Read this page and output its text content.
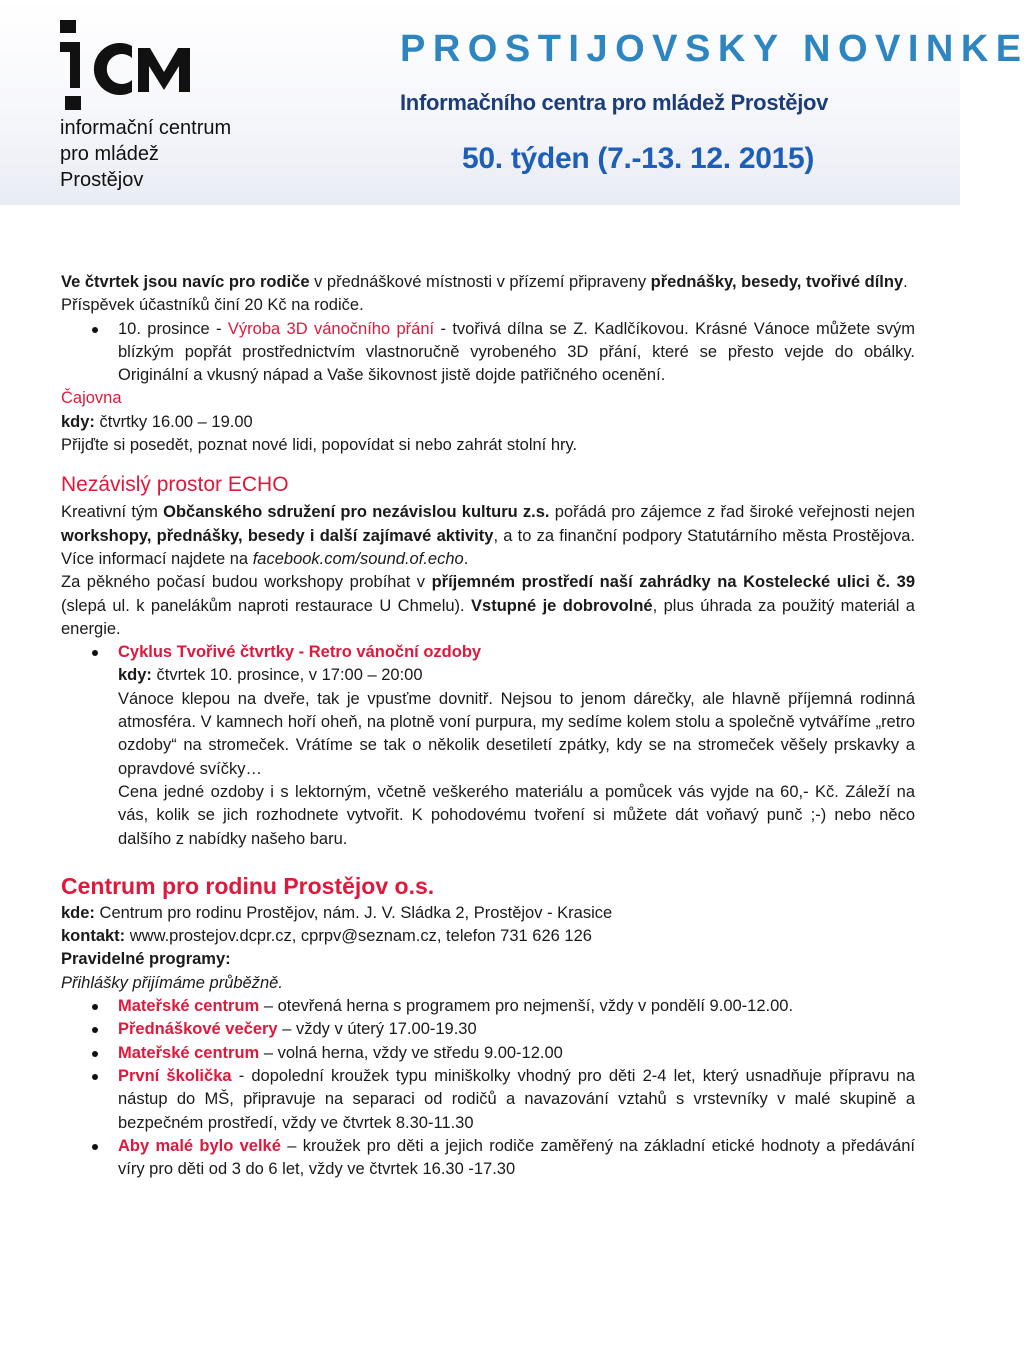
informační centrum
pro mládež
Prostějov
PROSTIJOVSKY NOVINKE
Informačního centra pro mládež Prostějov
50. týden (7.-13. 12. 2015)

Ve čtvrtek jsou navíc pro rodiče v přednáškové místnosti v přízemí připraveny přednášky, besedy, tvořivé dílny.

Příspěvek účastníků činí 20 Kč na rodiče.

10. prosince - Výroba 3D vánočního přání - tvořivá dílna se Z. Kadlčíkovou. Krásné Vánoce můžete svým blízkým popřát prostřednictvím vlastnoručně vyrobeného 3D přání, které se přesto vejde do obálky. Originální a vkusný nápad a Vaše šikovnost jistě dojde patřičného ocenění.

Čajovna

kdy: čtvrtky 16.00 – 19.00

Přijďte si posedět, poznat nové lidi, popovídat si nebo zahrát stolní hry.

Nezávislý prostor ECHO

Kreativní tým Občanského sdružení pro nezávislou kulturu z.s. pořádá pro zájemce z řad široké veřejnosti nejen workshopy, přednášky, besedy i další zajímavé aktivity, a to za finanční podpory Statutárního města Prostějova. Více informací najdete na facebook.com/sound.of.echo.

Za pěkného počasí budou workshopy probíhat v příjemném prostředí naší zahrádky na Kostelecké ulici č. 39 (slepá ul. k panelákům naproti restaurace U Chmelu). Vstupné je dobrovolné, plus úhrada za použitý materiál a energie.

Cyklus Tvořivé čtvrtky - Retro vánoční ozdoby

kdy: čtvrtek 10. prosince, v 17:00 – 20:00

Vánoce klepou na dveře, tak je vpusťme dovnitř. Nejsou to jenom dárečky, ale hlavně příjemná rodinná atmosféra. V kamnech hoří oheň, na plotně voní purpura, my sedíme kolem stolu a společně vytváříme „retro ozdoby“ na stromeček. Vrátíme se tak o několik desetiletí zpátky, kdy se na stromeček věšely prskavky a opravdové svíčky…

Cena jedné ozdoby i s lektorným, včetně veškerého materiálu a pomůcek vás vyjde na 60,- Kč. Záleží na vás, kolik se jich rozhodnete vytvořit. K pohodovému tvoření si můžete dát voňavý punč ;-) nebo něco dalšího z nabídky našeho baru.

Centrum pro rodinu Prostějov o.s.

kde: Centrum pro rodinu Prostějov, nám. J. V. Sládka 2, Prostějov - Krasice

kontakt: www.prostejov.dcpr.cz, cprpv@seznam.cz, telefon 731 626 126

Pravidelné programy:

Přihlášky přijímáme průběžně.

Mateřské centrum – otevřená herna s programem pro nejmenší, vždy v pondělí 9.00-12.00.
Přednáškové večery – vždy v úterý 17.00-19.30
Mateřské centrum – volná herna, vždy ve středu 9.00-12.00
První školička - dopolední kroužek typu miniškolky vhodný pro děti 2-4 let, který usnadňuje přípravu na nástup do MŠ, připravuje na separaci od rodičů a navazování vztahů s vrstevníky v malé skupině a bezpečném prostředí, vždy ve čtvrtek 8.30-11.30
Aby malé bylo velké – kroužek pro děti a jejich rodiče zaměřený na základní etické hodnoty a předávání víry pro děti od 3 do 6 let, vždy ve čtvrtek 16.30 -17.30
